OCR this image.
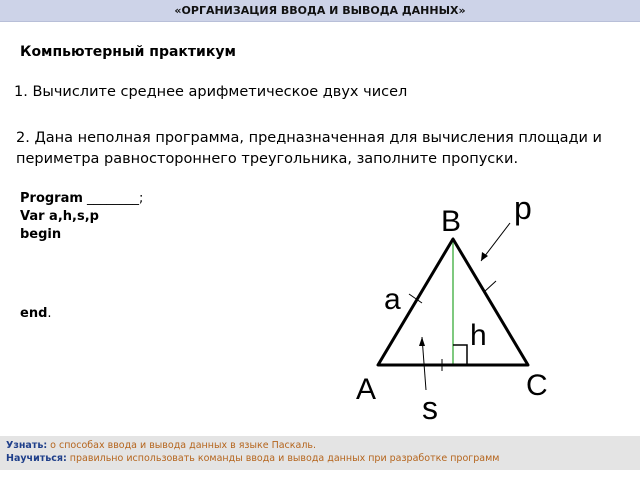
«ОРГАНИЗАЦИЯ ВВОДА И ВЫВОДА ДАННЫХ»
Компьютерный практикум
1. Вычислите среднее арифметическое двух чисел
2. Дана неполная программа, предназначенная для вычисления площади и периметра равностороннего треугольника, заполните пропуски.
Program ________;
Var a,h,s,p
begin
end.
B
A	C
a
h
s
p
Узнать: о способах ввода и вывода данных в языке Паскаль.
Научиться: правильно использовать команды ввода и вывода данных при разработке программ
